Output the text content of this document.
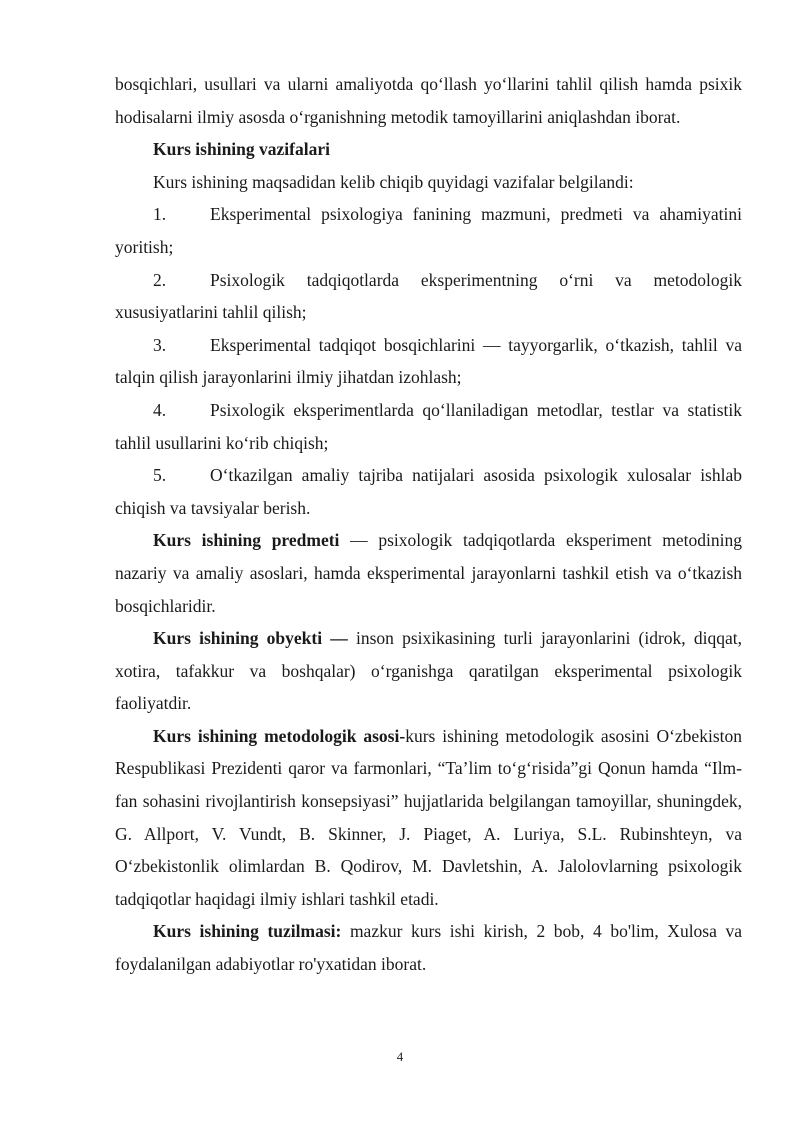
bosqichlari, usullari va ularni amaliyotda qo‘llash yo‘llarini tahlil qilish hamda psixik hodisalarni ilmiy asosda o‘rganishning metodik tamoyillarini aniqlashdan iborat.

Kurs ishining vazifalari

Kurs ishining maqsadidan kelib chiqib quyidagi vazifalar belgilandi:

1.	Eksperimental psixologiya fanining mazmuni, predmeti va ahamiyatini yoritish;

2.	Psixologik tadqiqotlarda eksperimentning o‘rni va metodologik xususiyatlarini tahlil qilish;

3.	Eksperimental tadqiqot bosqichlarini — tayyorgarlik, o‘tkazish, tahlil va talqin qilish jarayonlarini ilmiy jihatdan izohlash;

4.	Psixologik eksperimentlarda qo‘llaniladigan metodlar, testlar va statistik tahlil usullarini ko‘rib chiqish;

5.	O‘tkazilgan amaliy tajriba natijalari asosida psixologik xulosalar ishlab chiqish va tavsiyalar berish.

Kurs ishining predmeti — psixologik tadqiqotlarda eksperiment metodining nazariy va amaliy asoslari, hamda eksperimental jarayonlarni tashkil etish va o‘tkazish bosqichlaridir.

Kurs ishining obyekti — inson psixikasining turli jarayonlarini (idrok, diqqat, xotira, tafakkur va boshqalar) o‘rganishga qaratilgan eksperimental psixologik faoliyatdir.

Kurs ishining metodologik asosi-kurs ishining metodologik asosini O‘zbekiston Respublikasi Prezidenti qaror va farmonlari, “Ta’lim to‘g‘risida”gi Qonun hamda “Ilm-fan sohasini rivojlantirish konsepsiyasi” hujjatlarida belgilangan tamoyillar, shuningdek, G. Allport, V. Vundt, B. Skinner, J. Piaget, A. Luriya, S.L. Rubinshteyn, va O‘zbekistonlik olimlardan B. Qodirov, M. Davletshin, A. Jalolovlarning psixologik tadqiqotlar haqidagi ilmiy ishlari tashkil etadi.

Kurs ishining tuzilmasi: mazkur kurs ishi kirish, 2 bob, 4 bo'lim, Xulosa va foydalanilgan adabiyotlar ro'yxatidan iborat.

4
